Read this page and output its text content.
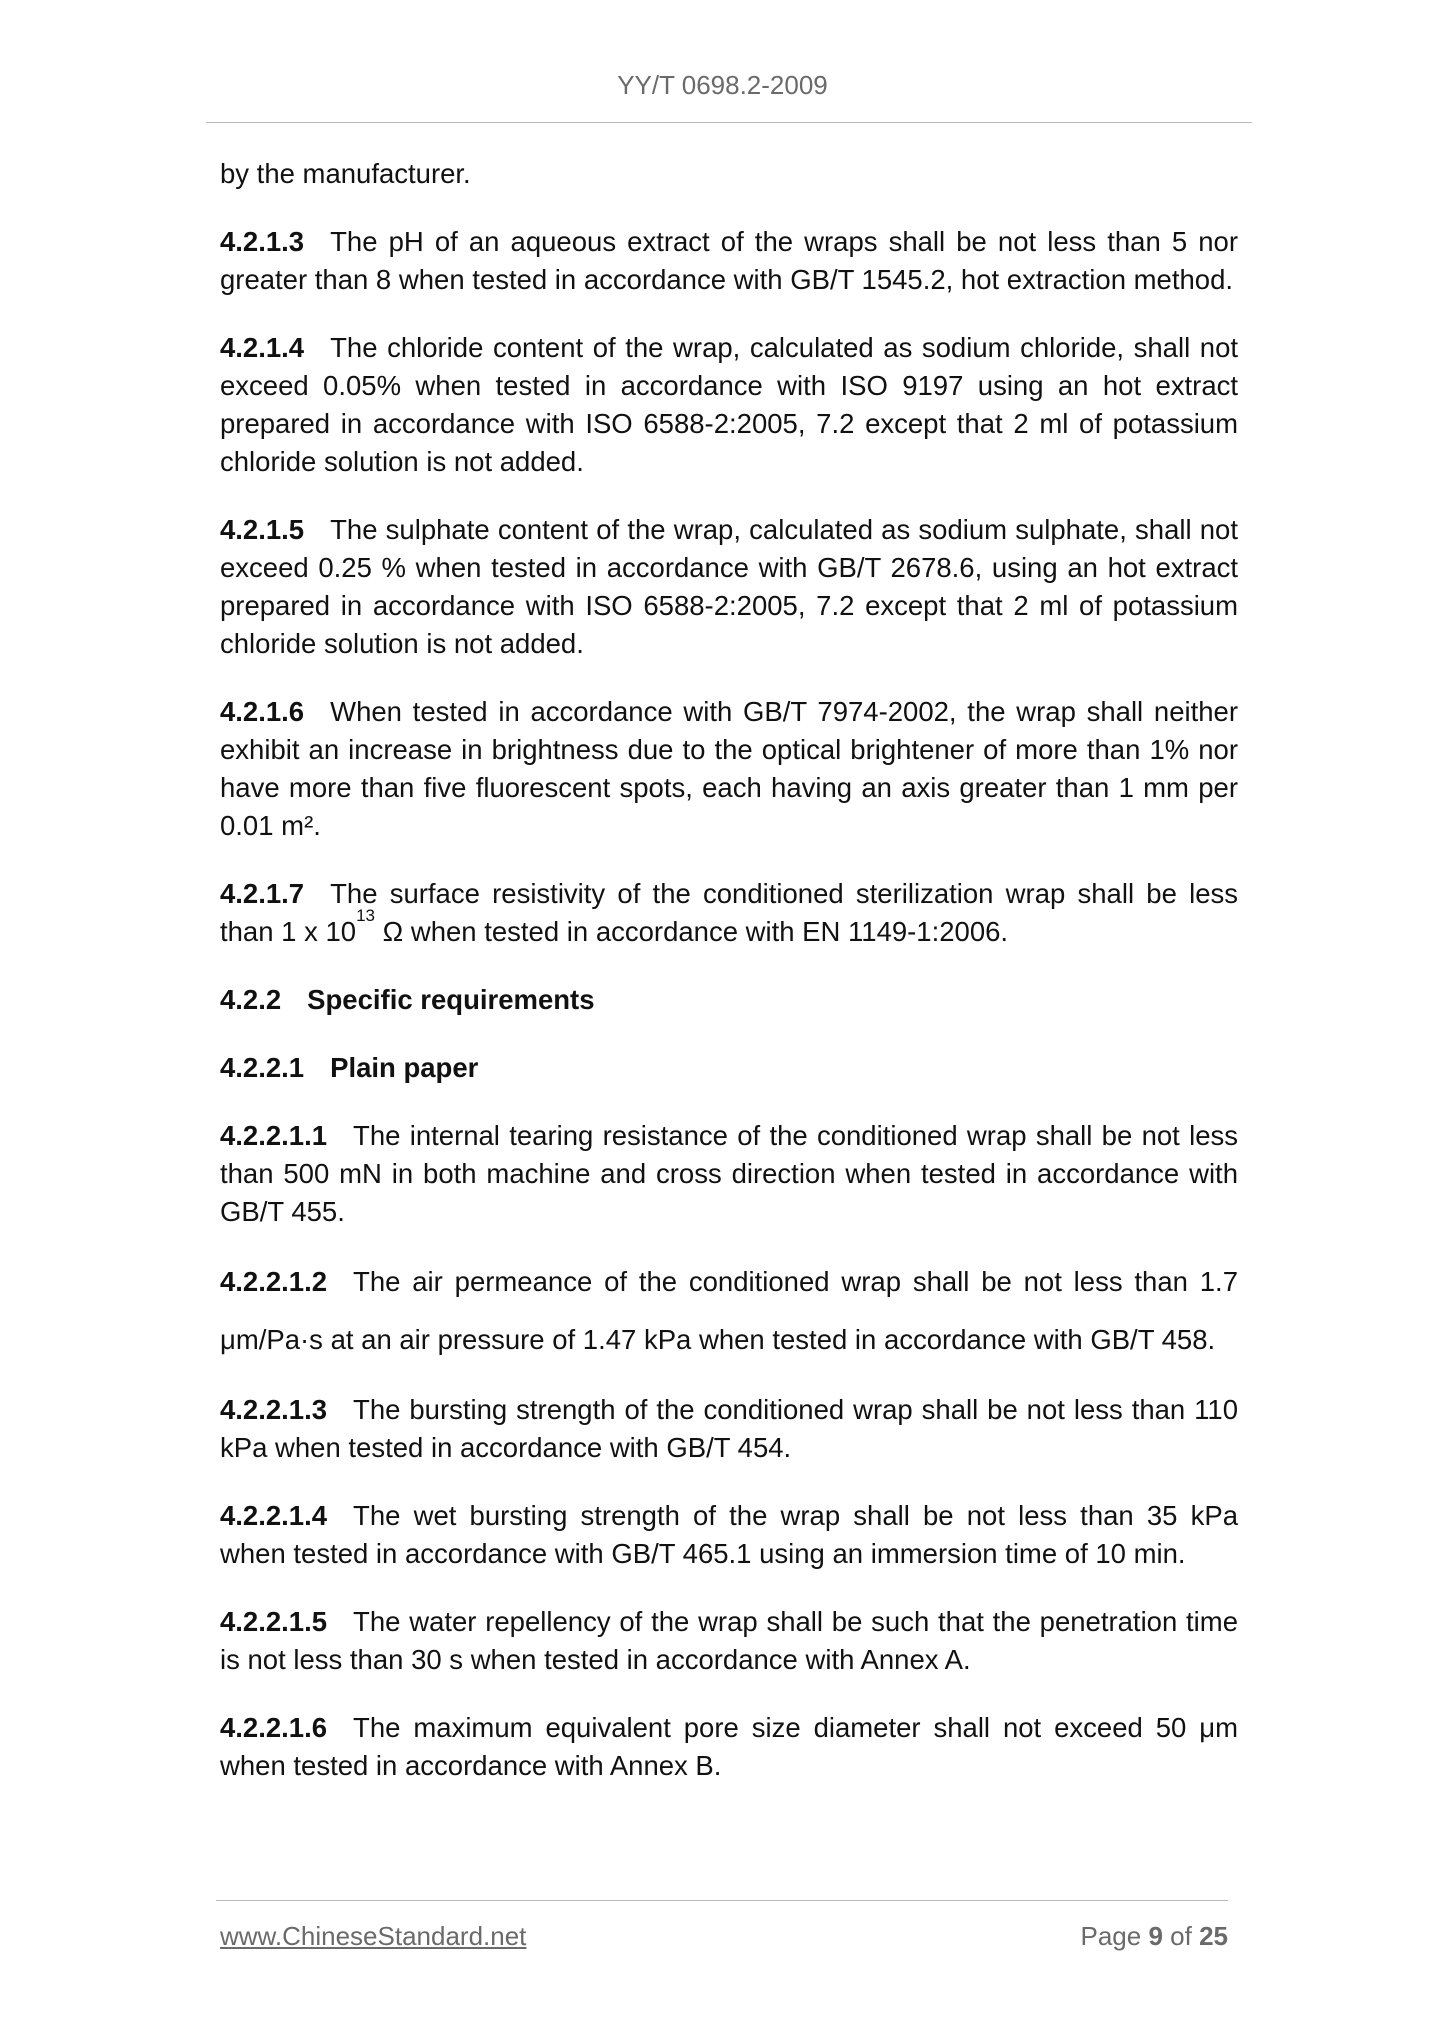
YY/T 0698.2-2009

by the manufacturer.

4.2.1.3 The pH of an aqueous extract of the wraps shall be not less than 5 nor greater than 8 when tested in accordance with GB/T 1545.2, hot extraction method.

4.2.1.4 The chloride content of the wrap, calculated as sodium chloride, shall not exceed 0.05% when tested in accordance with ISO 9197 using an hot extract prepared in accordance with ISO 6588-2:2005, 7.2 except that 2 ml of potassium chloride solution is not added.

4.2.1.5 The sulphate content of the wrap, calculated as sodium sulphate, shall not exceed 0.25 % when tested in accordance with GB/T 2678.6, using an hot extract prepared in accordance with ISO 6588-2:2005, 7.2 except that 2 ml of potassium chloride solution is not added.

4.2.1.6 When tested in accordance with GB/T 7974-2002, the wrap shall neither exhibit an increase in brightness due to the optical brightener of more than 1% nor have more than five fluorescent spots, each having an axis greater than 1 mm per 0.01 m².

4.2.1.7 The surface resistivity of the conditioned sterilization wrap shall be less than 1 x $10^{13}$ Ω when tested in accordance with EN 1149-1:2006.

4.2.2 Specific requirements

4.2.2.1 Plain paper

4.2.2.1.1 The internal tearing resistance of the conditioned wrap shall be not less than 500 mN in both machine and cross direction when tested in accordance with GB/T 455.

4.2.2.1.2 The air permeance of the conditioned wrap shall be not less than 1.7 μm/Pa·s at an air pressure of 1.47 kPa when tested in accordance with GB/T 458.

4.2.2.1.3 The bursting strength of the conditioned wrap shall be not less than 110 kPa when tested in accordance with GB/T 454.

4.2.2.1.4 The wet bursting strength of the wrap shall be not less than 35 kPa when tested in accordance with GB/T 465.1 using an immersion time of 10 min.

4.2.2.1.5 The water repellency of the wrap shall be such that the penetration time is not less than 30 s when tested in accordance with Annex A.

4.2.2.1.6 The maximum equivalent pore size diameter shall not exceed 50 μm when tested in accordance with Annex B.

www.ChineseStandard.net	Page 9 of 25
